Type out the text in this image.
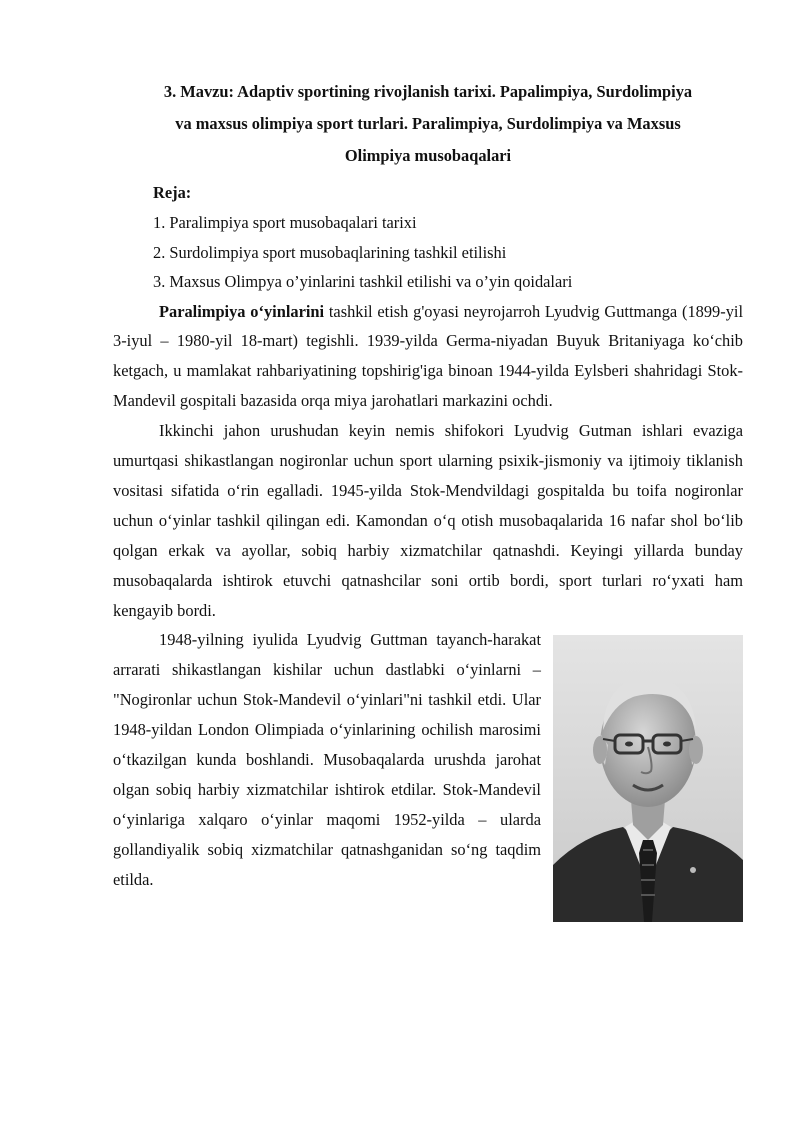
3. Mavzu: Adaptiv sportining rivojlanish tarixi. Papalimpiya, Surdolimpiya
va maxsus olimpiya sport turlari. Paralimpiya, Surdolimpiya va Maxsus
Olimpiya musobaqalari
Reja:
1. Paralimpiya sport musobaqalari tarixi
2. Surdolimpiya sport musobaqlarining tashkil etilishi
3. Maxsus Olimpya o’yinlarini tashkil etilishi va o’yin qoidalari

Paralimpiya o‘yinlarini tashkil etish g'oyasi neyrojarroh Lyudvig Guttmanga (1899-yil 3-iyul – 1980-yil 18-mart) tegishli. 1939-yilda Germa-niyadan Buyuk Britaniyaga ko‘chib ketgach, u mamlakat rahbariyatining topshirig'iga binoan 1944-yilda Eylsberi shahridagi Stok-Mandevil gospitali bazasida orqa miya jarohatlari markazini ochdi.

Ikkinchi jahon urushudan keyin nemis shifokori Lyudvig Gutman ishlari evaziga umurtqasi shikastlangan nogironlar uchun sport ularning psixik-jismoniy va ijtimoiy tiklanish vositasi sifatida o‘rin egalladi. 1945-yilda Stok-Mendvildagi gospitalda bu toifa nogironlar uchun o‘yinlar tashkil qilingan edi. Kamondan o‘q otish musobaqalarida 16 nafar shol bo‘lib qolgan erkak va ayollar, sobiq harbiy xizmatchilar qatnashdi. Keyingi yillarda bunday musobaqalarda ishtirok etuvchi qatnashcilar soni ortib bordi, sport turlari ro‘yxati ham kengayib bordi.

1948-yilning iyulida Lyudvig Guttman tayanch-harakat arrarati shikastlangan kishilar uchun dastlabki o‘yinlarni – "Nogironlar uchun Stok-Mandevil o‘yinlari"ni tashkil etdi. Ular 1948-yildan London Olimpiada o‘yinlarining ochilish marosimi o‘tkazilgan kunda boshlandi. Musobaqalarda urushda jarohat olgan sobiq harbiy xizmatchilar ishtirok etdilar. Stok-Mandevil o‘yinlariga xalqaro o‘yinlar maqomi 1952-yilda – ularda gollandiyalik sobiq xizmatchilar qatnashganidan so‘ng taqdim etilda.
